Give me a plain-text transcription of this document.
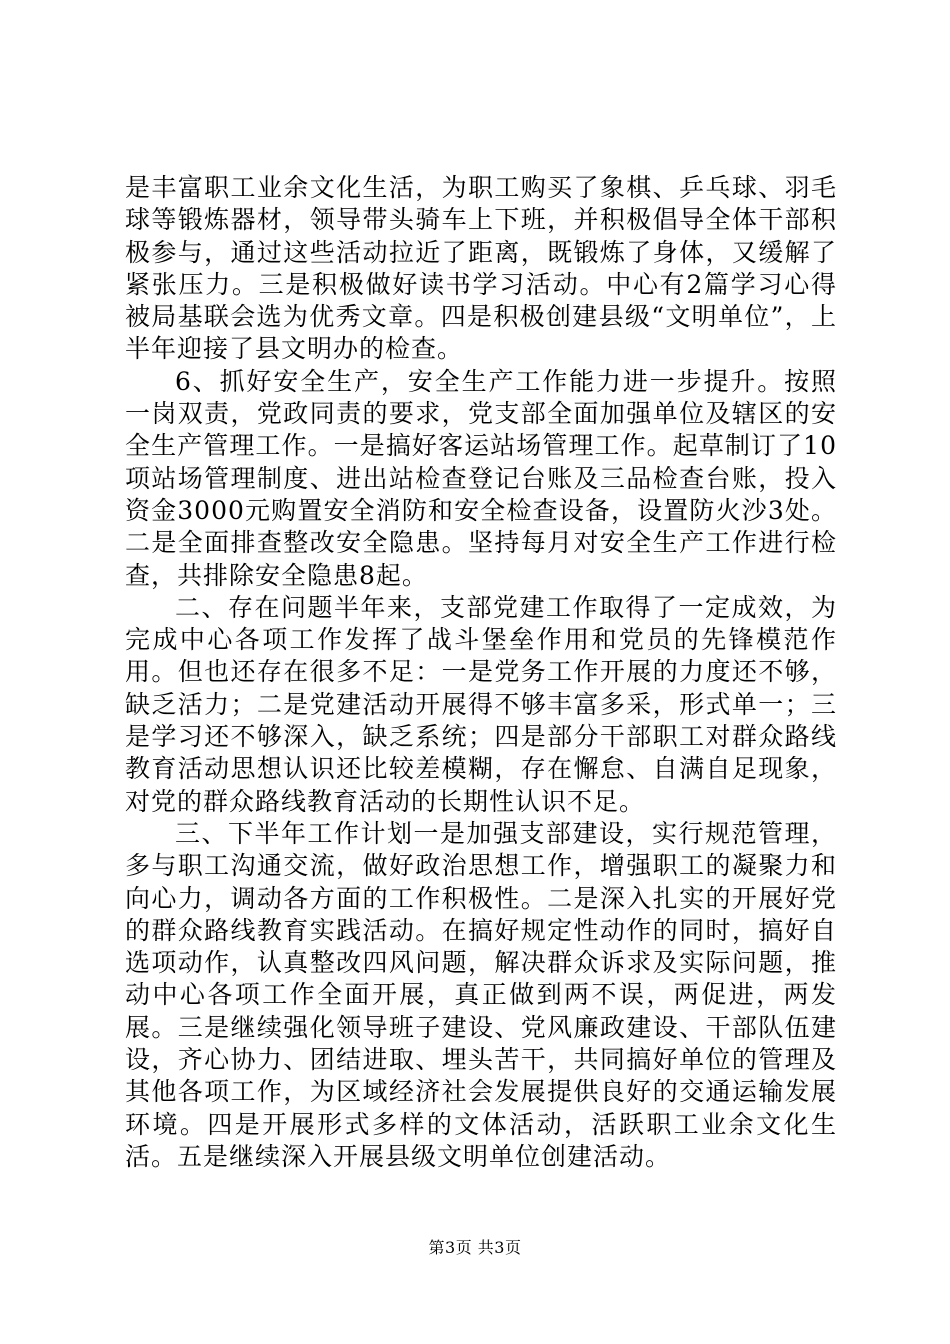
是丰富职工业余文化生活，为职工购买了象棋、乒乓球、羽毛球等锻炼器材，领导带头骑车上下班，并积极倡导全体干部积极参与，通过这些活动拉近了距离，既锻炼了身体，又缓解了紧张压力。三是积极做好读书学习活动。中心有2篇学习心得被局基联会选为优秀文章。四是积极创建县级“文明单位”，上半年迎接了县文明办的检查。

6、抓好安全生产，安全生产工作能力进一步提升。按照一岗双责，党政同责的要求，党支部全面加强单位及辖区的安全生产管理工作。一是搞好客运站场管理工作。起草制订了10项站场管理制度、进出站检查登记台账及三品检查台账，投入资金3000元购置安全消防和安全检查设备，设置防火沙3处。二是全面排查整改安全隐患。坚持每月对安全生产工作进行检查，共排除安全隐患8起。

二、存在问题半年来，支部党建工作取得了一定成效，为完成中心各项工作发挥了战斗堡垒作用和党员的先锋模范作用。但也还存在很多不足：一是党务工作开展的力度还不够，缺乏活力；二是党建活动开展得不够丰富多采，形式单一；三是学习还不够深入，缺乏系统；四是部分干部职工对群众路线教育活动思想认识还比较差模糊，存在懈怠、自满自足现象，对党的群众路线教育活动的长期性认识不足。

三、下半年工作计划一是加强支部建设，实行规范管理，多与职工沟通交流，做好政治思想工作，增强职工的凝聚力和向心力，调动各方面的工作积极性。二是深入扎实的开展好党的群众路线教育实践活动。在搞好规定性动作的同时，搞好自选项动作，认真整改四风问题，解决群众诉求及实际问题，推动中心各项工作全面开展，真正做到两不误，两促进，两发展。三是继续强化领导班子建设、党风廉政建设、干部队伍建设，齐心协力、团结进取、埋头苦干，共同搞好单位的管理及其他各项工作，为区域经济社会发展提供良好的交通运输发展环境。四是开展形式多样的文体活动，活跃职工业余文化生活。五是继续深入开展县级文明单位创建活动。

第3页 共3页
